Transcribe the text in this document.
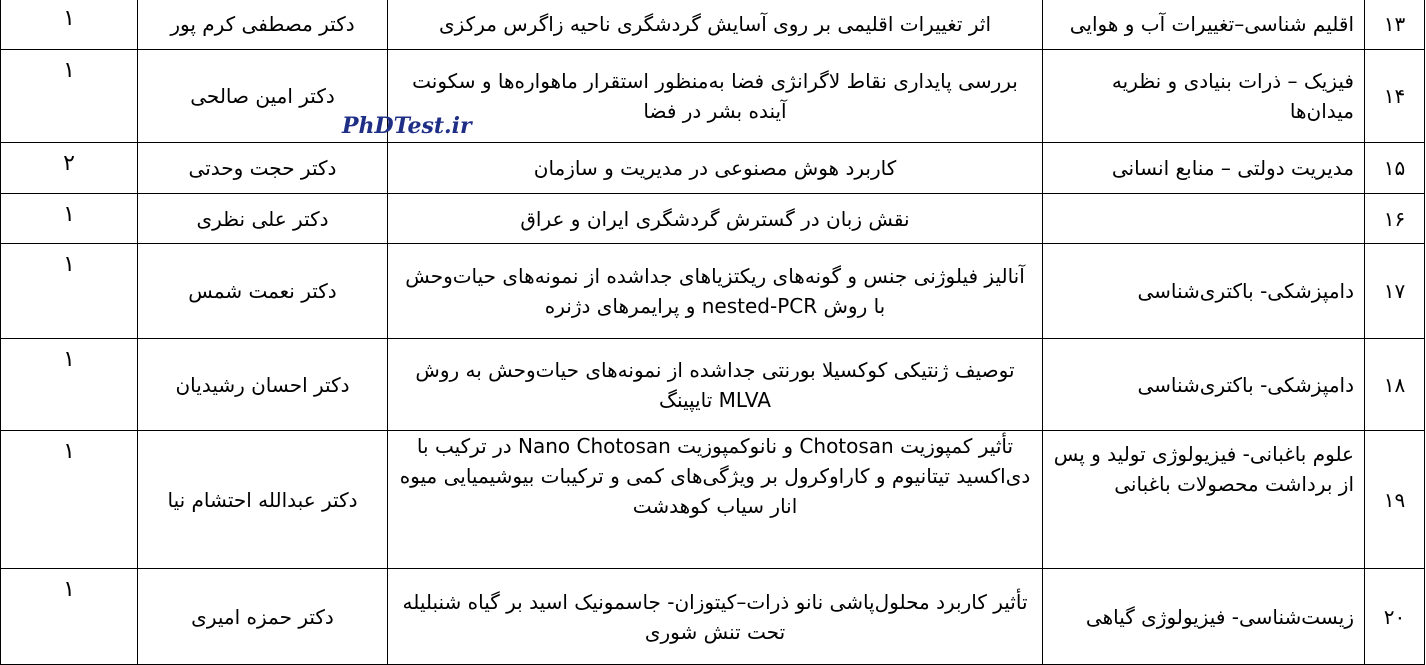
۱۳	اقلیم شناسی–تغییرات آب و هوایی	اثر تغییرات اقلیمی بر روی آسایش گردشگری ناحیه زاگرس مرکزی	دکتر مصطفی کرم پور	۱
۱۴	فیزیک – ذرات بنیادی و نظریه میدان‌ها	بررسی پایداری نقاط لاگرانژی فضا به‌منظور استقرار ماهواره‌ها و سکونت آینده بشر در فضا	دکتر امین صالحی	۱
۱۵	مدیریت دولتی – منابع انسانی	کاربرد هوش مصنوعی در مدیریت و سازمان	دکتر حجت وحدتی	۲
۱۶		نقش زبان در گسترش گردشگری ایران و عراق	دکتر علی نظری	۱
۱۷	دامپزشکی- باکتری‌شناسی	آنالیز فیلوژنی جنس و گونه‌های ریکتزیاهای جداشده از نمونه‌های حیات‌وحش با روش nested-PCR و پرایمرهای دژنره	دکتر نعمت شمس	۱
۱۸	دامپزشکی- باکتری‌شناسی	توصیف ژنتیکی کوکسیلا بورنتی جداشده از نمونه‌های حیات‌وحش به روش MLVA تایپینگ	دکتر احسان رشیدیان	۱
۱۹	علوم باغبانی- فیزیولوژی تولید و پس از برداشت محصولات باغبانی	تأثیر کمپوزیت Chotosan و نانوکمپوزیت Nano Chotosan در ترکیب با دی‌اکسید تیتانیوم و کاراوکرول بر ویژگی‌های کمی و ترکیبات بیوشیمیایی میوه انار سیاب کوهدشت	دکتر عبدالله احتشام نیا	۱
۲۰	زیست‌شناسی- فیزیولوژی گیاهی	تأثیر کاربرد محلول‌پاشی نانو ذرات–کیتوزان- جاسمونیک اسید بر گیاه شنبلیله تحت تنش شوری	دکتر حمزه امیری	۱
PhDTest.ir
